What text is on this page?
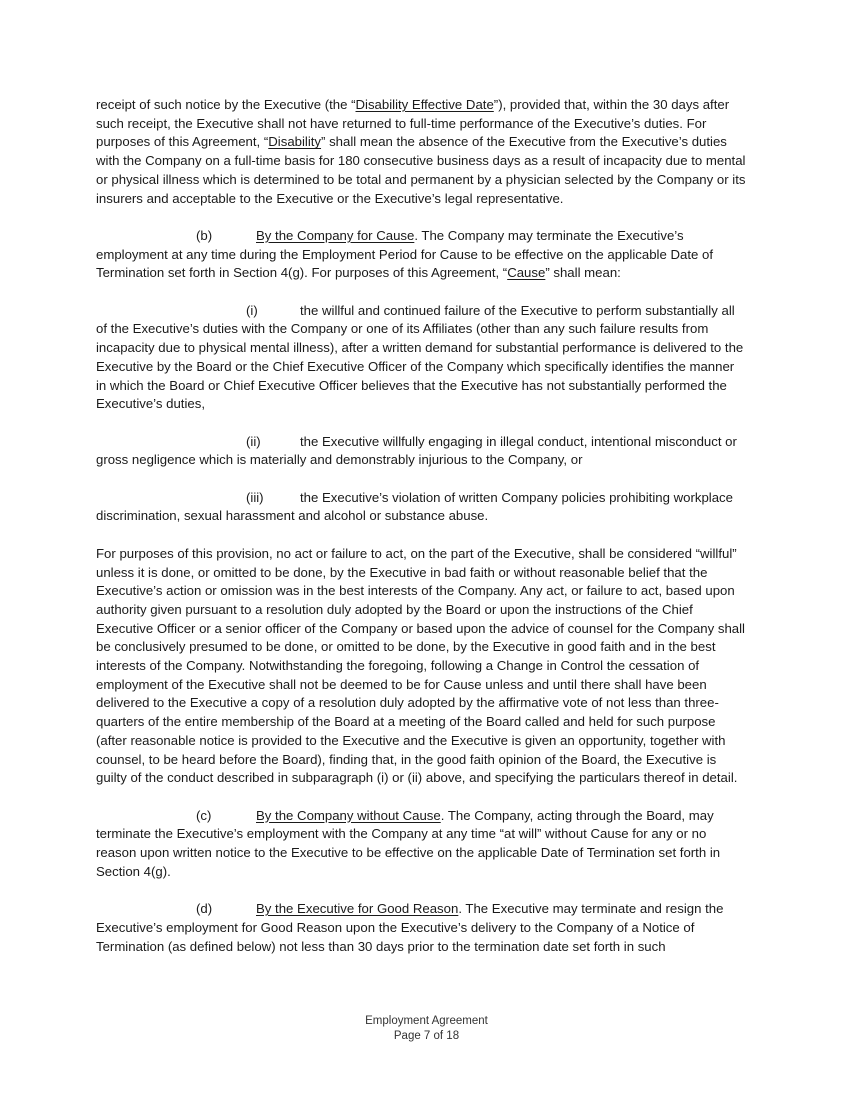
receipt of such notice by the Executive (the “Disability Effective Date”), provided that, within the 30 days after such receipt, the Executive shall not have returned to full-time performance of the Executive’s duties. For purposes of this Agreement, “Disability” shall mean the absence of the Executive from the Executive’s duties with the Company on a full-time basis for 180 consecutive business days as a result of incapacity due to mental or physical illness which is determined to be total and permanent by a physician selected by the Company or its insurers and acceptable to the Executive or the Executive’s legal representative.

(b)	By the Company for Cause. The Company may terminate the Executive’s employment at any time during the Employment Period for Cause to be effective on the applicable Date of Termination set forth in Section 4(g). For purposes of this Agreement, “Cause” shall mean:

(i)	the willful and continued failure of the Executive to perform substantially all of the Executive’s duties with the Company or one of its Affiliates (other than any such failure results from incapacity due to physical mental illness), after a written demand for substantial performance is delivered to the Executive by the Board or the Chief Executive Officer of the Company which specifically identifies the manner in which the Board or Chief Executive Officer believes that the Executive has not substantially performed the Executive’s duties,

(ii)	the Executive willfully engaging in illegal conduct, intentional misconduct or gross negligence which is materially and demonstrably injurious to the Company, or

(iii)	the Executive’s violation of written Company policies prohibiting workplace discrimination, sexual harassment and alcohol or substance abuse.

For purposes of this provision, no act or failure to act, on the part of the Executive, shall be considered “willful” unless it is done, or omitted to be done, by the Executive in bad faith or without reasonable belief that the Executive’s action or omission was in the best interests of the Company. Any act, or failure to act, based upon authority given pursuant to a resolution duly adopted by the Board or upon the instructions of the Chief Executive Officer or a senior officer of the Company or based upon the advice of counsel for the Company shall be conclusively presumed to be done, or omitted to be done, by the Executive in good faith and in the best interests of the Company. Notwithstanding the foregoing, following a Change in Control the cessation of employment of the Executive shall not be deemed to be for Cause unless and until there shall have been delivered to the Executive a copy of a resolution duly adopted by the affirmative vote of not less than three-quarters of the entire membership of the Board at a meeting of the Board called and held for such purpose (after reasonable notice is provided to the Executive and the Executive is given an opportunity, together with counsel, to be heard before the Board), finding that, in the good faith opinion of the Board, the Executive is guilty of the conduct described in subparagraph (i) or (ii) above, and specifying the particulars thereof in detail.

(c)	By the Company without Cause. The Company, acting through the Board, may terminate the Executive’s employment with the Company at any time “at will” without Cause for any or no reason upon written notice to the Executive to be effective on the applicable Date of Termination set forth in Section 4(g).

(d)	By the Executive for Good Reason. The Executive may terminate and resign the Executive’s employment for Good Reason upon the Executive’s delivery to the Company of a Notice of Termination (as defined below) not less than 30 days prior to the termination date set forth in such

Employment Agreement
Page 7 of 18
